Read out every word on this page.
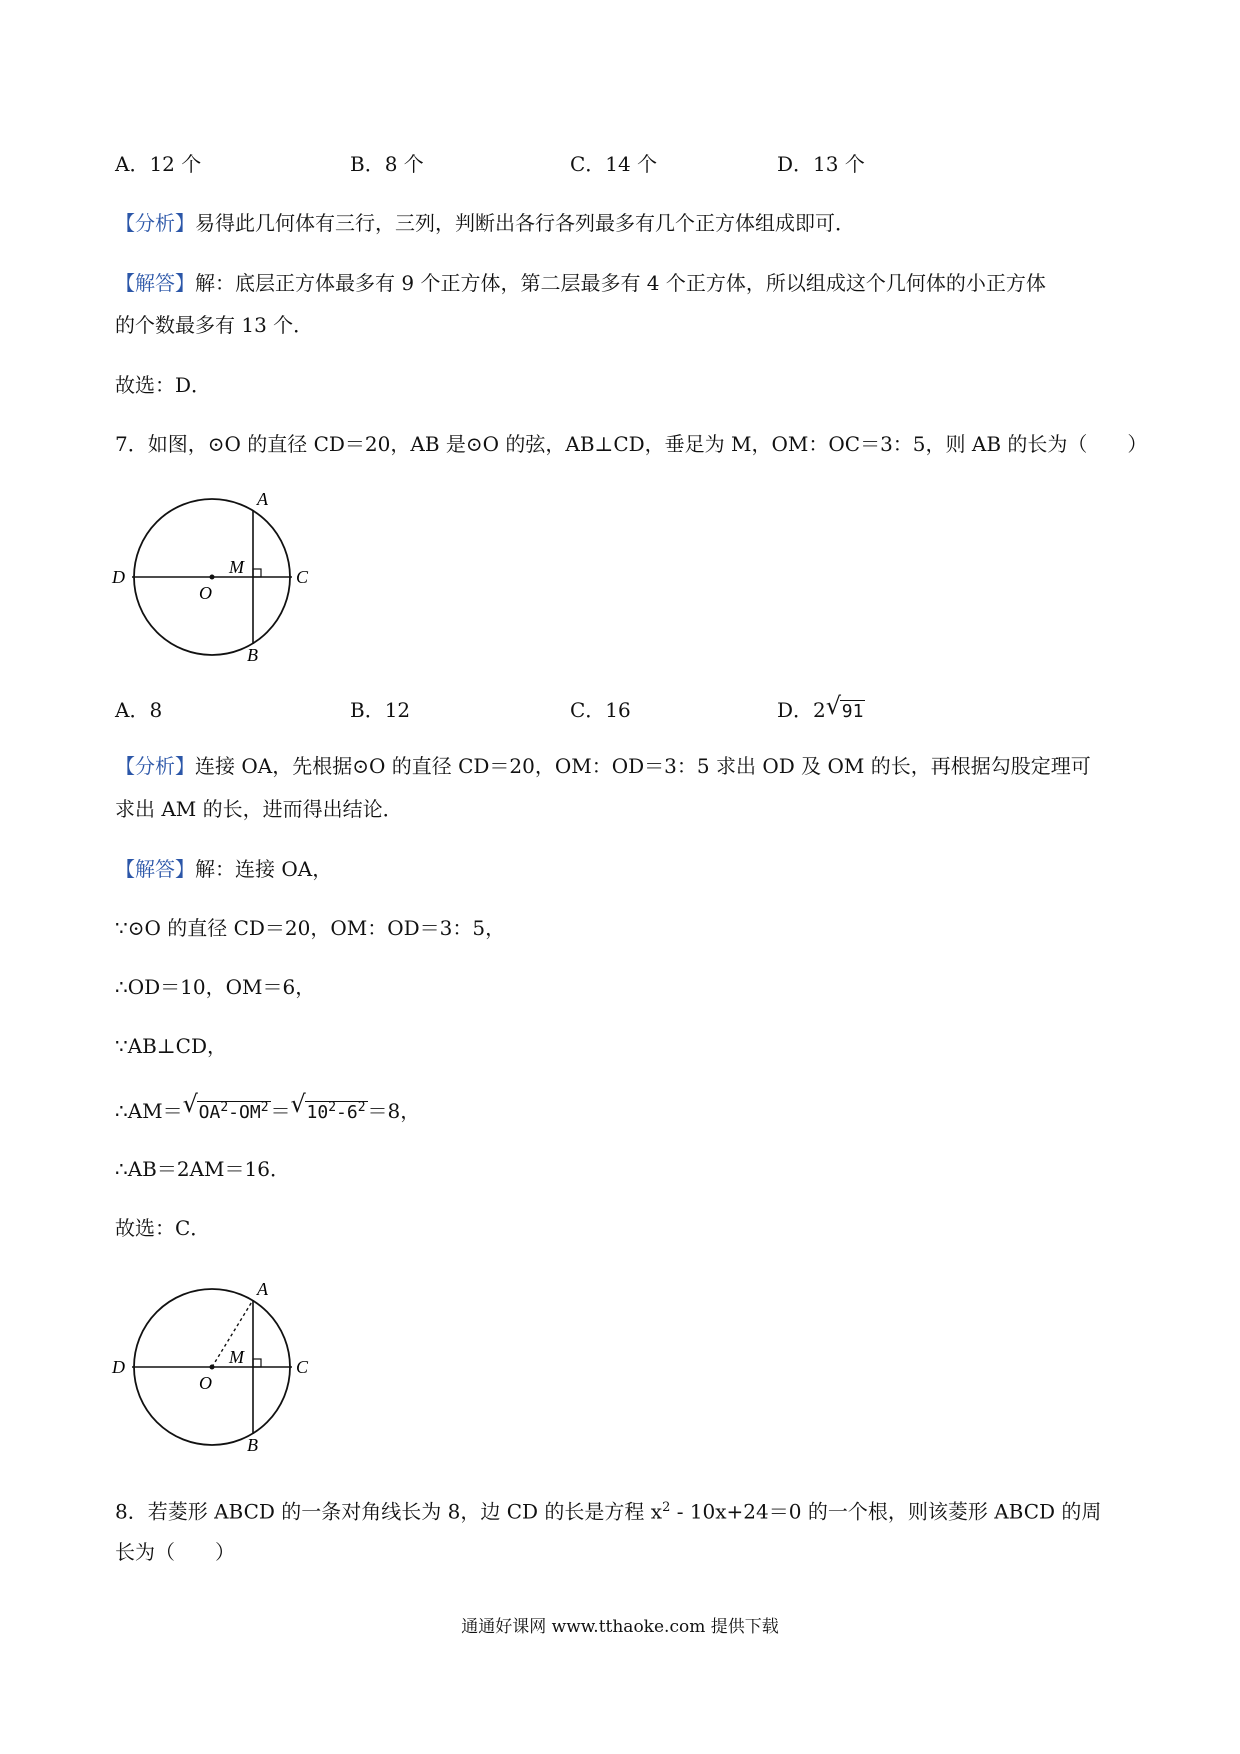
A．12 个	B．8 个	C．14 个	D．13 个
【分析】易得此几何体有三行，三列，判断出各行各列最多有几个正方体组成即可．
【解答】解：底层正方体最多有 9 个正方体，第二层最多有 4 个正方体，所以组成这个几何体的小正方体
的个数最多有 13 个．
故选：D．
7．如图，⊙O 的直径 CD＝20，AB 是⊙O 的弦，AB⊥CD，垂足为 M，OM：OC＝3：5，则 AB 的长为（　　）
A
B
C
D
O
M
A．8	B．12	C．16	D．2 √ 91
【分析】连接 OA，先根据⊙O 的直径 CD＝20，OM：OD＝3：5 求出 OD 及 OM 的长，再根据勾股定理可
求出 AM 的长，进而得出结论．
【解答】解：连接 OA，
∵⊙O 的直径 CD＝20，OM：OD＝3：5，
∴OD＝10，OM＝6，
∵AB⊥CD，
∴AM＝ √ $OA^2-OM^2$ ＝ √ $10^2-6^2 =8$，
∴AB＝2AM＝16．
故选：C．
A
B
C
D
O
M
8．若菱形 ABCD 的一条对角线长为 8，边 CD 的长是方程 $x^2 - 10x+24=0$ 的一个根，则该菱形 ABCD 的周
长为（　　）
通通好课网 www.tthaoke.com 提供下载
